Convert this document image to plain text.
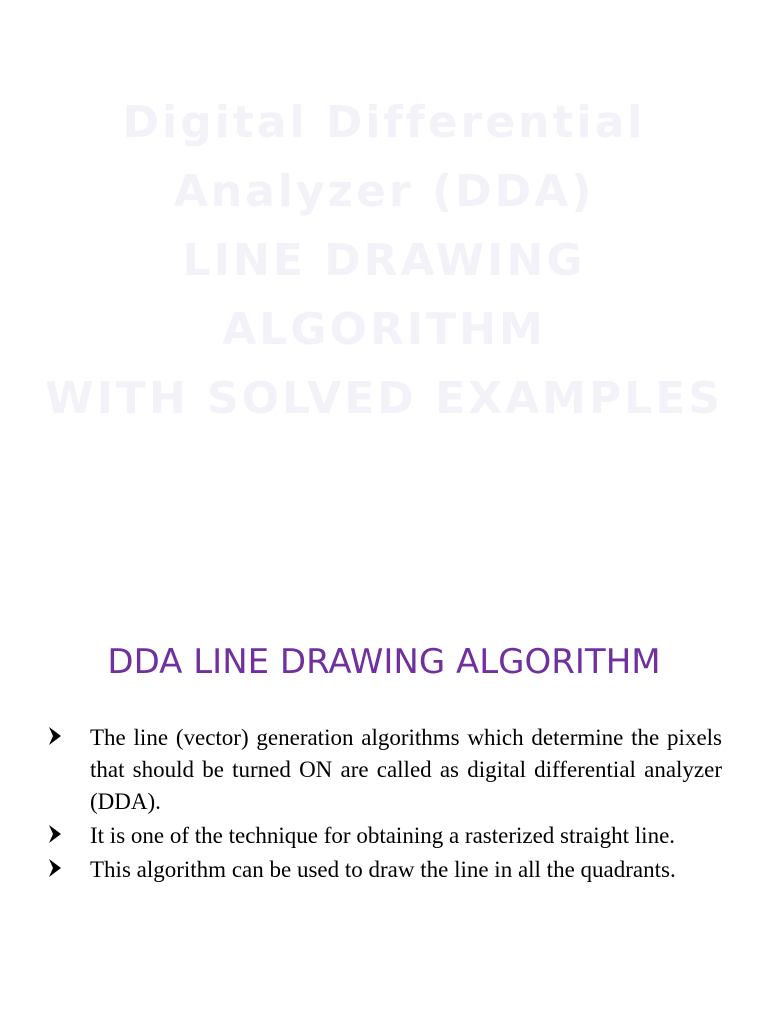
Digital Differential
Analyzer (DDA)
LINE DRAWING
ALGORITHM
WITH SOLVED EXAMPLES
DDA LINE DRAWING ALGORITHM
The line (vector) generation algorithms which determine the pixels that should be turned ON are called as digital differential analyzer (DDA).
It is one of the technique for obtaining a rasterized straight line.
This algorithm can be used to draw the line in all the quadrants.
